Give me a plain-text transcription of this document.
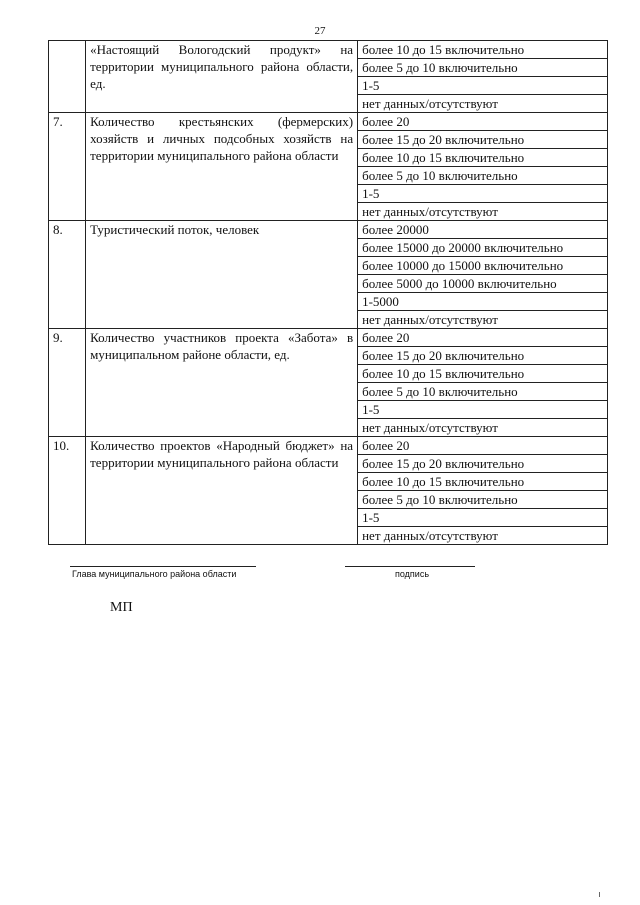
27
	«Настоящий Вологодский продукт» на территории муниципального района области, ед.	более 10 до 15 включительно
		более 5 до 10 включительно
		1-5
		нет данных/отсутствуют
7.	Количество крестьянских (фермерских) хозяйств и личных подсобных хозяйств на территории муниципального района области	более 20
		более 15 до 20 включительно
		более 10 до 15 включительно
		более 5 до 10 включительно
		1-5
		нет данных/отсутствуют
8.	Туристический поток, человек	более 20000
		более 15000 до 20000 включительно
		более 10000 до 15000 включительно
		более 5000 до 10000 включительно
		1-5000
		нет данных/отсутствуют
9.	Количество участников проекта «Забота» в муниципальном районе области, ед.	более 20
		более 15 до 20 включительно
		более 10 до 15 включительно
		более 5 до 10 включительно
		1-5
		нет данных/отсутствуют
10.	Количество проектов «Народный бюджет» на территории муниципального района области	более 20
		более 15 до 20 включительно
		более 10 до 15 включительно
		более 5 до 10 включительно
		1-5
		нет данных/отсутствуют
Глава муниципального района области	подпись
МП
